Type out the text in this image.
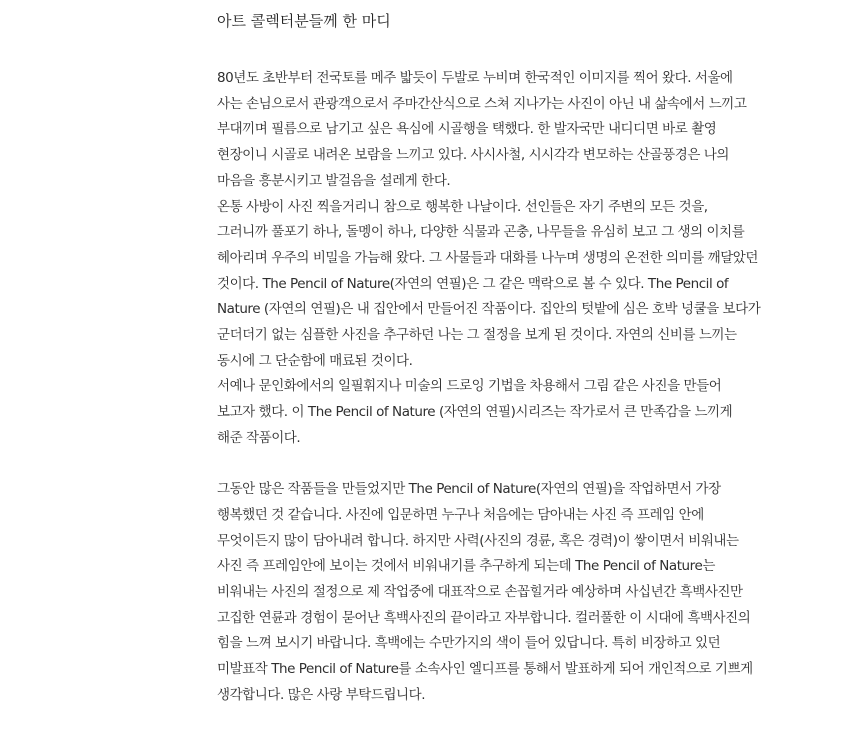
아트 콜렉터분들께 한 마디
80년도 초반부터 전국토를 메주 밟듯이 두발로 누비며 한국적인 이미지를 찍어 왔다. 서울에
사는 손님으로서 관광객으로서 주마간산식으로 스쳐 지나가는 사진이 아닌 내 삶속에서 느끼고
부대끼며 필름으로 남기고 싶은 욕심에 시골행을 택했다. 한 발자국만 내디디면 바로 촬영
현장이니 시골로 내려온 보람을 느끼고 있다. 사시사철, 시시각각 변모하는 산골풍경은 나의
마음을 흥분시키고 발걸음을 설레게 한다.
온통 사방이 사진 찍을거리니 참으로 행복한 나날이다. 선인들은 자기 주변의 모든 것을,
그러니까 풀포기 하나, 돌멩이 하나, 다양한 식물과 곤충, 나무들을 유심히 보고 그 생의 이치를
헤아리며 우주의 비밀을 가늠해 왔다. 그 사물들과 대화를 나누며 생명의 온전한 의미를 깨달았던
것이다. The Pencil of Nature(자연의 연필)은 그 같은 맥락으로 볼 수 있다. The Pencil of
Nature (자연의 연필)은 내 집안에서 만들어진 작품이다. 집안의 텃밭에 심은 호박 넝쿨을 보다가
군더더기 없는 심플한 사진을 추구하던 나는 그 절정을 보게 된 것이다. 자연의 신비를 느끼는
동시에 그 단순함에 매료된 것이다.
서예나 문인화에서의 일필휘지나 미술의 드로잉 기법을 차용해서 그림 같은 사진을 만들어
보고자 했다. 이 The Pencil of Nature (자연의 연필)시리즈는 작가로서 큰 만족감을 느끼게
해준 작품이다.
그동안 많은 작품들을 만들었지만 The Pencil of Nature(자연의 연필)을 작업하면서 가장
행복했던 것 같습니다. 사진에 입문하면 누구나 처음에는 담아내는 사진 즉 프레임 안에
무엇이든지 많이 담아내려 합니다. 하지만 사력(사진의 경륜, 혹은 경력)이 쌓이면서 비워내는
사진 즉 프레임안에 보이는 것에서 비워내기를 추구하게 되는데 The Pencil of Nature는
비워내는 사진의 절정으로 제 작업중에 대표작으로 손꼽힐거라 예상하며 사십년간 흑백사진만
고집한 연륜과 경험이 묻어난 흑백사진의 끝이라고 자부합니다. 컬러풀한 이 시대에 흑백사진의
힘을 느껴 보시기 바랍니다. 흑백에는 수만가지의 색이 들어 있답니다. 특히 비장하고 있던
미발표작 The Pencil of Nature를 소속사인 엘디프를 통해서 발표하게 되어 개인적으로 기쁘게
생각합니다. 많은 사랑 부탁드립니다.
